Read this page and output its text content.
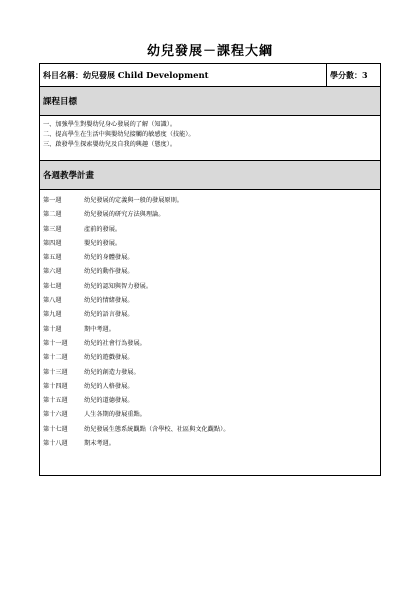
幼兒發展－課程大綱
科目名稱：幼兒發展 Child Development	學分數：3
課程目標

一、加強學生對嬰幼兒身心發展的了解（知識）。
二、提高學生在生活中與嬰幼兒接觸的敏感度（技能）。
三、啟發學生探索嬰幼兒及自我的興趣（態度）。

各週教學計畫

第一週	幼兒發展的定義與一般的發展原則。
第二週	幼兒發展的研究方法與理論。
第三週	產前的發展。
第四週	嬰兒的發展。
第五週	幼兒的身體發展。
第六週	幼兒的動作發展。
第七週	幼兒的認知與智力發展。
第八週	幼兒的情緒發展。
第九週	幼兒的語言發展。
第十週	期中考週。
第十一週	幼兒的社會行為發展。
第十二週	幼兒的遊戲發展。
第十三週	幼兒的創造力發展。
第十四週	幼兒的人格發展。
第十五週	幼兒的道德發展。
第十六週	人生各期的發展重點。
第十七週	幼兒發展生態系統觀點（含學校、社區與文化觀點）。
第十八週	期末考週。
